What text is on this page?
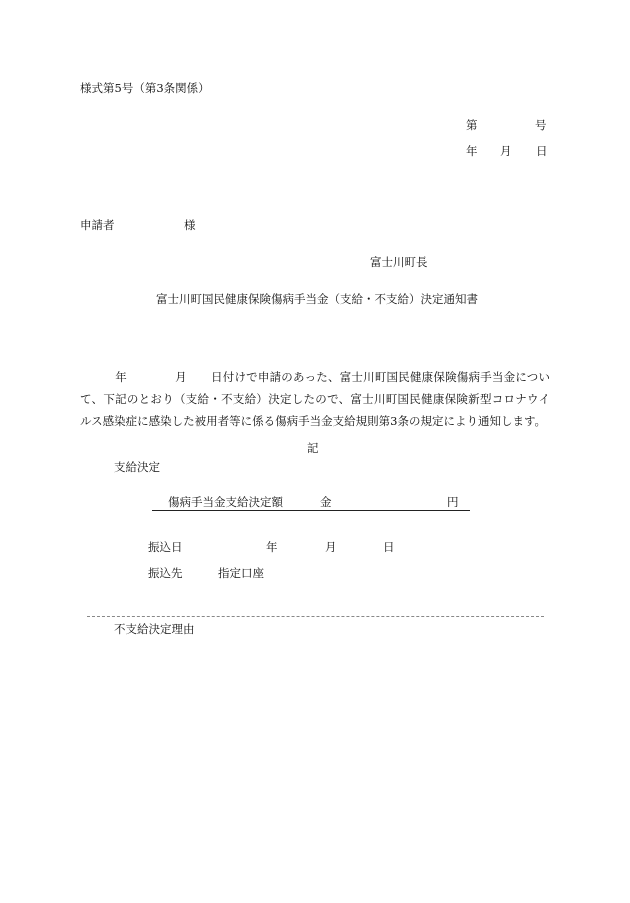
様式第5号（第3条関係）
第	号
年 月 日
申請者	様
富士川町長
富士川町国民健康保険傷病手当金（支給・不支給）決定通知書
年	月 日付けで申請のあった、富士川町国民健康保険傷病手当金について、下記のとおり（支給・不支給）決定したので、富士川町国民健康保険新型コロナウイルス感染症に感染した被用者等に係る傷病手当金支給規則第3条の規定により通知します。
記
支給決定
傷病手当金支給決定額	金	円
振込日	年	月	日
振込先	指定口座
不支給決定理由
